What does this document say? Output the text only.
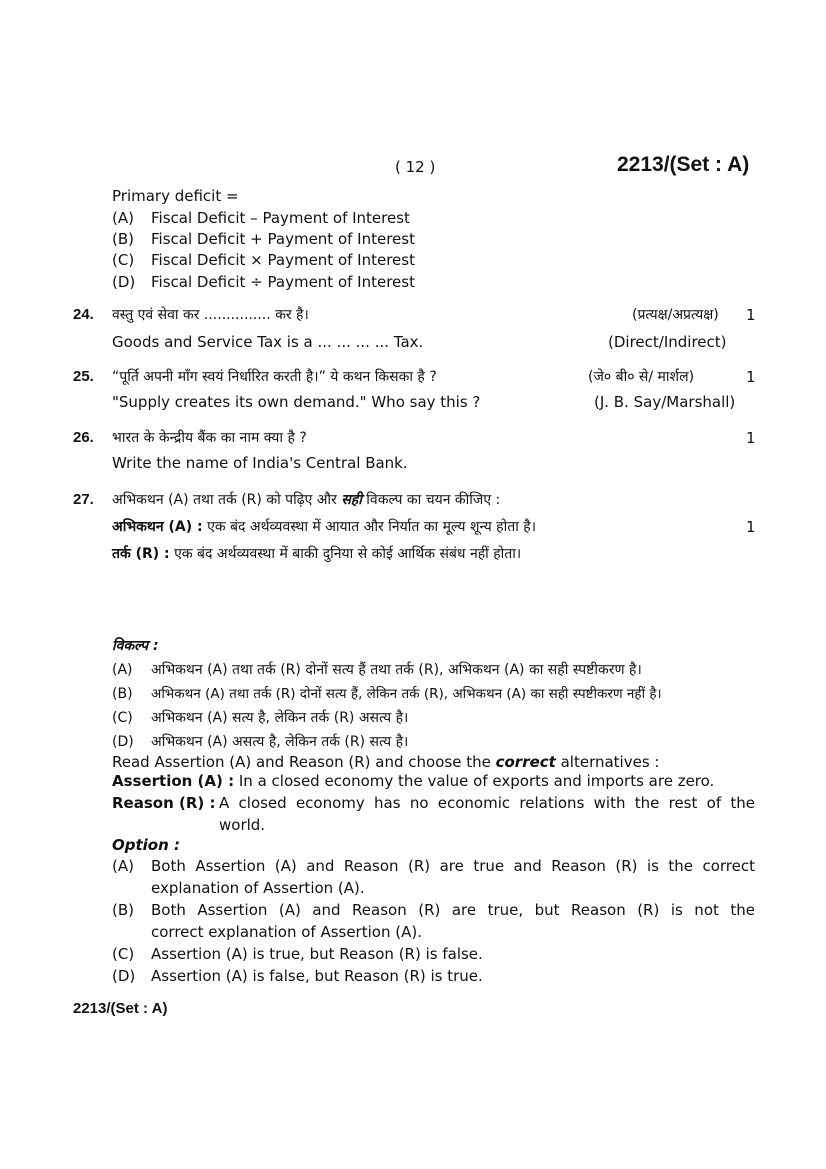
( 12 )	2213/(Set : A)
Primary deficit =
(A) Fiscal Deficit – Payment of Interest
(B) Fiscal Deficit + Payment of Interest
(C) Fiscal Deficit × Payment of Interest
(D) Fiscal Deficit ÷ Payment of Interest
24. वस्तु एवं सेवा कर ............... कर है।	(प्रत्यक्ष/अप्रत्यक्ष) 1
Goods and Service Tax is a ... ... ... ... Tax.	(Direct/Indirect)
25. “पूर्ति अपनी माँग स्वयं निर्धारित करती है।” ये कथन किसका है ?	(जे० बी० से/ मार्शल)	1
"Supply creates its own demand." Who say this ?	(J. B. Say/Marshall)
26. भारत के केन्द्रीय बैंक का नाम क्या है ?	1
Write the name of India's Central Bank.
27. अभिकथन (A) तथा तर्क (R) को पढ़िए और सही विकल्प का चयन कीजिए :
अभिकथन (A) : एक बंद अर्थव्यवस्था में आयात और निर्यात का मूल्य शून्य होता है।	1
तर्क (R) : एक बंद अर्थव्यवस्था में बाकी दुनिया से कोई आर्थिक संबंध नहीं होता।
विकल्प :
(A) अभिकथन (A) तथा तर्क (R) दोनों सत्य हैं तथा तर्क (R), अभिकथन (A) का सही स्पष्टीकरण है।
(B) अभिकथन (A) तथा तर्क (R) दोनों सत्य हैं, लेकिन तर्क (R), अभिकथन (A) का सही स्पष्टीकरण नहीं है।
(C) अभिकथन (A) सत्य है, लेकिन तर्क (R) असत्य है।
(D) अभिकथन (A) असत्य है, लेकिन तर्क (R) सत्य है।
Read Assertion (A) and Reason (R) and choose the correct alternatives :
Assertion (A) : In a closed economy the value of exports and imports are zero.
Reason (R) : A closed economy has no economic relations with the rest of the
world.
Option :
(A) Both Assertion (A) and Reason (R) are true and Reason (R) is the correct
explanation of Assertion (A).
(B) Both Assertion (A) and Reason (R) are true, but Reason (R) is not the
correct explanation of Assertion (A).
(C) Assertion (A) is true, but Reason (R) is false.
(D) Assertion (A) is false, but Reason (R) is true.
2213/(Set : A)
